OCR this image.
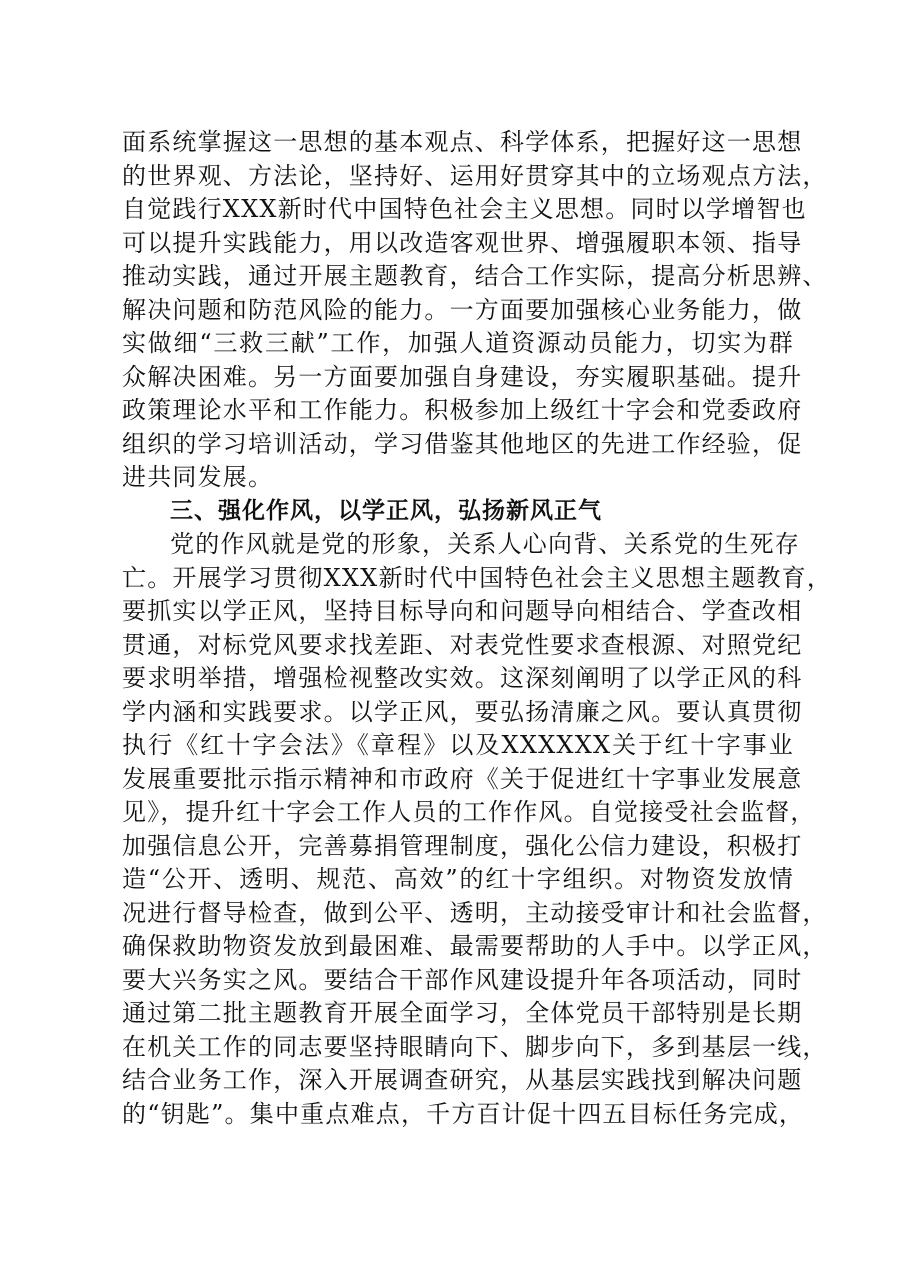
面系统掌握这一思想的基本观点、科学体系，把握好这一思想
的世界观、方法论，坚持好、运用好贯穿其中的立场观点方法，
自觉践行XXX新时代中国特色社会主义思想。同时以学增智也
可以提升实践能力，用以改造客观世界、增强履职本领、指导
推动实践，通过开展主题教育，结合工作实际，提高分析思辨、
解决问题和防范风险的能力。一方面要加强核心业务能力，做
实做细“三救三献”工作，加强人道资源动员能力，切实为群
众解决困难。另一方面要加强自身建设，夯实履职基础。提升
政策理论水平和工作能力。积极参加上级红十字会和党委政府
组织的学习培训活动，学习借鉴其他地区的先进工作经验，促
进共同发展。
三、强化作风，以学正风，弘扬新风正气
党的作风就是党的形象，关系人心向背、关系党的生死存
亡。开展学习贯彻XXX新时代中国特色社会主义思想主题教育，
要抓实以学正风，坚持目标导向和问题导向相结合、学查改相
贯通，对标党风要求找差距、对表党性要求查根源、对照党纪
要求明举措，增强检视整改实效。这深刻阐明了以学正风的科
学内涵和实践要求。以学正风，要弘扬清廉之风。要认真贯彻
执行《红十字会法》《章程》以及XXXXXX关于红十字事业
发展重要批示指示精神和市政府《关于促进红十字事业发展意
见》，提升红十字会工作人员的工作作风。自觉接受社会监督，
加强信息公开，完善募捐管理制度，强化公信力建设，积极打
造“公开、透明、规范、高效”的红十字组织。对物资发放情
况进行督导检查，做到公平、透明，主动接受审计和社会监督，
确保救助物资发放到最困难、最需要帮助的人手中。以学正风，
要大兴务实之风。要结合干部作风建设提升年各项活动，同时
通过第二批主题教育开展全面学习，全体党员干部特别是长期
在机关工作的同志要坚持眼睛向下、脚步向下，多到基层一线，
结合业务工作，深入开展调查研究，从基层实践找到解决问题
的“钥匙”。集中重点难点，千方百计促十四五目标任务完成，
